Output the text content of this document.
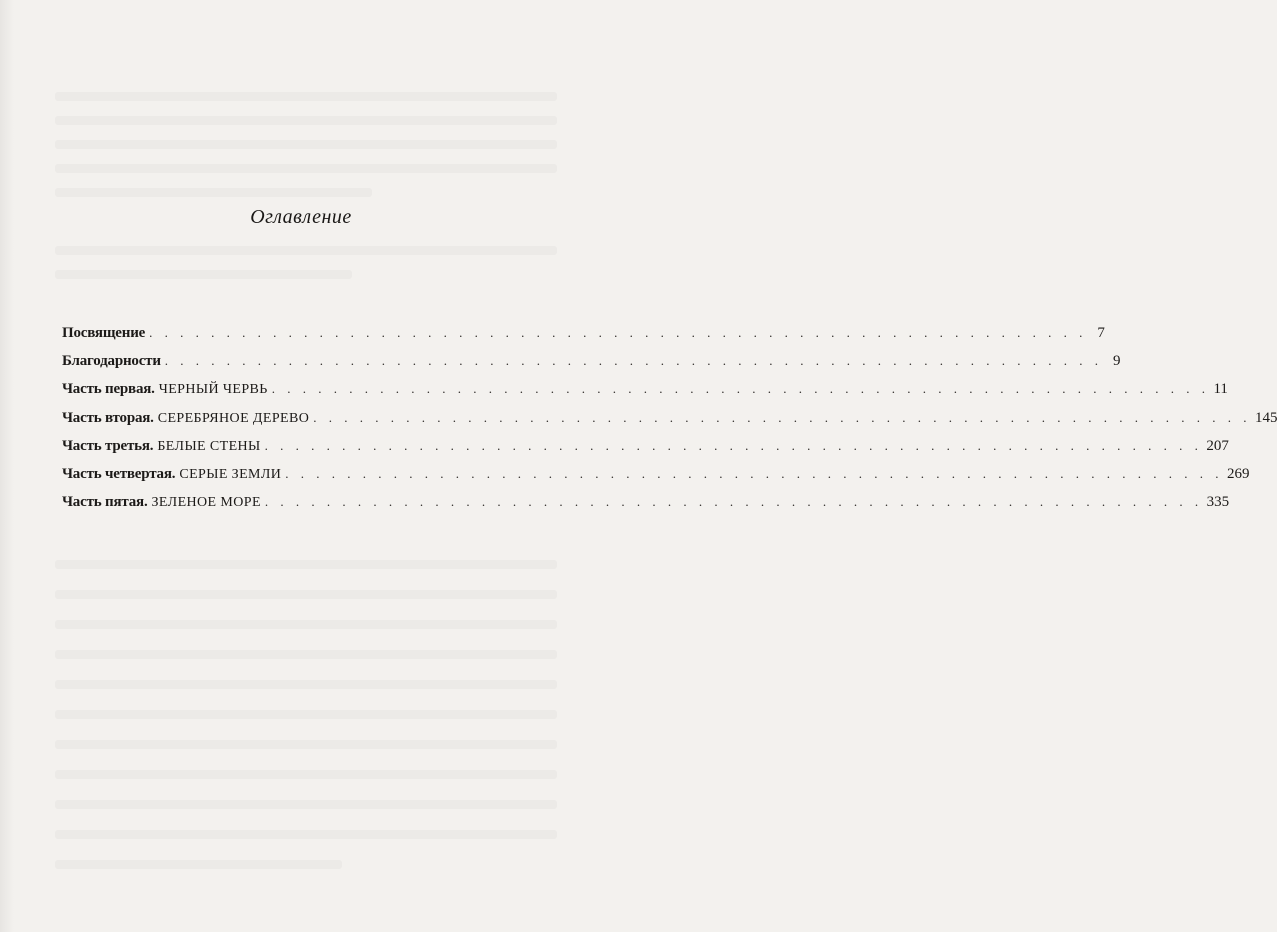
Оглавление
Посвящение . . . . . . . . . . . . . . . . . . . . . . . . . . . . . . . . . . . . . . . . . . . . . . . . . . . . . . . . . . . . . 7
Благодарности . . . . . . . . . . . . . . . . . . . . . . . . . . . . . . . . . . . . . . . . . . . . . . . . . . . . . . . . . . . . . 9
Часть первая. ЧЕРНЫЙ ЧЕРВЬ . . . . . . . . . . . . . . . . . . . . . . . . . . . . . . . . . . . . . . . . . . . . . . . . . . . . . . . . . . . . . 11
Часть вторая. СЕРЕБРЯНОЕ ДЕРЕВО . . . . . . . . . . . . . . . . . . . . . . . . . . . . . . . . . . . . . . . . . . . . . . . . . . . . . . . . . . . . . 145
Часть третья. БЕЛЫЕ СТЕНЫ . . . . . . . . . . . . . . . . . . . . . . . . . . . . . . . . . . . . . . . . . . . . . . . . . . . . . . . . . . . . . 207
Часть четвертая. СЕРЫЕ ЗЕМЛИ . . . . . . . . . . . . . . . . . . . . . . . . . . . . . . . . . . . . . . . . . . . . . . . . . . . . . . . . . . . . . 269
Часть пятая. ЗЕЛЕНОЕ МОРЕ . . . . . . . . . . . . . . . . . . . . . . . . . . . . . . . . . . . . . . . . . . . . . . . . . . . . . . . . . . . . . 335
